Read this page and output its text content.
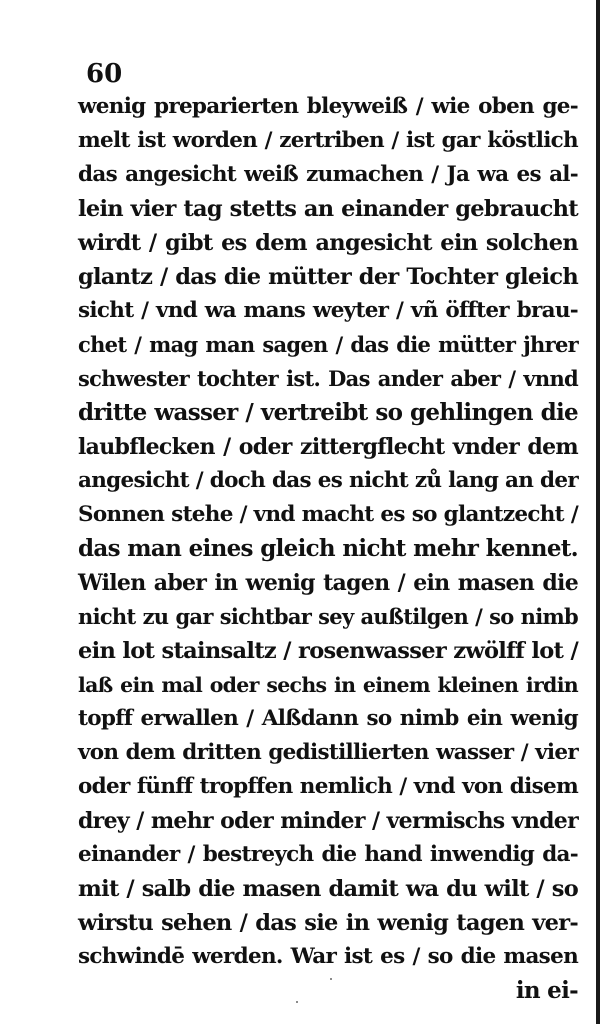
60
wenig preparierten bleyweiß / wie oben ge-
melt ist worden / zertriben / ist gar köstlich
das angesicht weiß zumachen / Ja wa es al-
lein vier tag stetts an einander gebraucht
wirdt / gibt es dem angesicht ein solchen
glantz / das die mütter der Tochter gleich
sicht / vnd wa mans weyter / vñ öffter brau-
chet / mag man sagen / das die mütter jhrer
schwester tochter ist. Das ander aber / vnnd
dritte wasser / vertreibt so gehlingen die
laubflecken / oder zittergflecht vnder dem
angesicht / doch das es nicht zů lang an der
Sonnen stehe / vnd macht es so glantzecht /
das man eines gleich nicht mehr kennet.
Wilen aber in wenig tagen / ein masen die
nicht zu gar sichtbar sey außtilgen / so nimb
ein lot stainsaltz / rosenwasser zwölff lot /
laß ein mal oder sechs in einem kleinen irdin
topff erwallen / Alßdann so nimb ein wenig
von dem dritten gedistillierten wasser / vier
oder fünff tropffen nemlich / vnd von disem
drey / mehr oder minder / vermischs vnder
einander / bestreych die hand inwendig da-
mit / salb die masen damit wa du wilt / so
wirstu sehen / das sie in wenig tagen ver-
schwindē werden. War ist es / so die masen
in ei-
